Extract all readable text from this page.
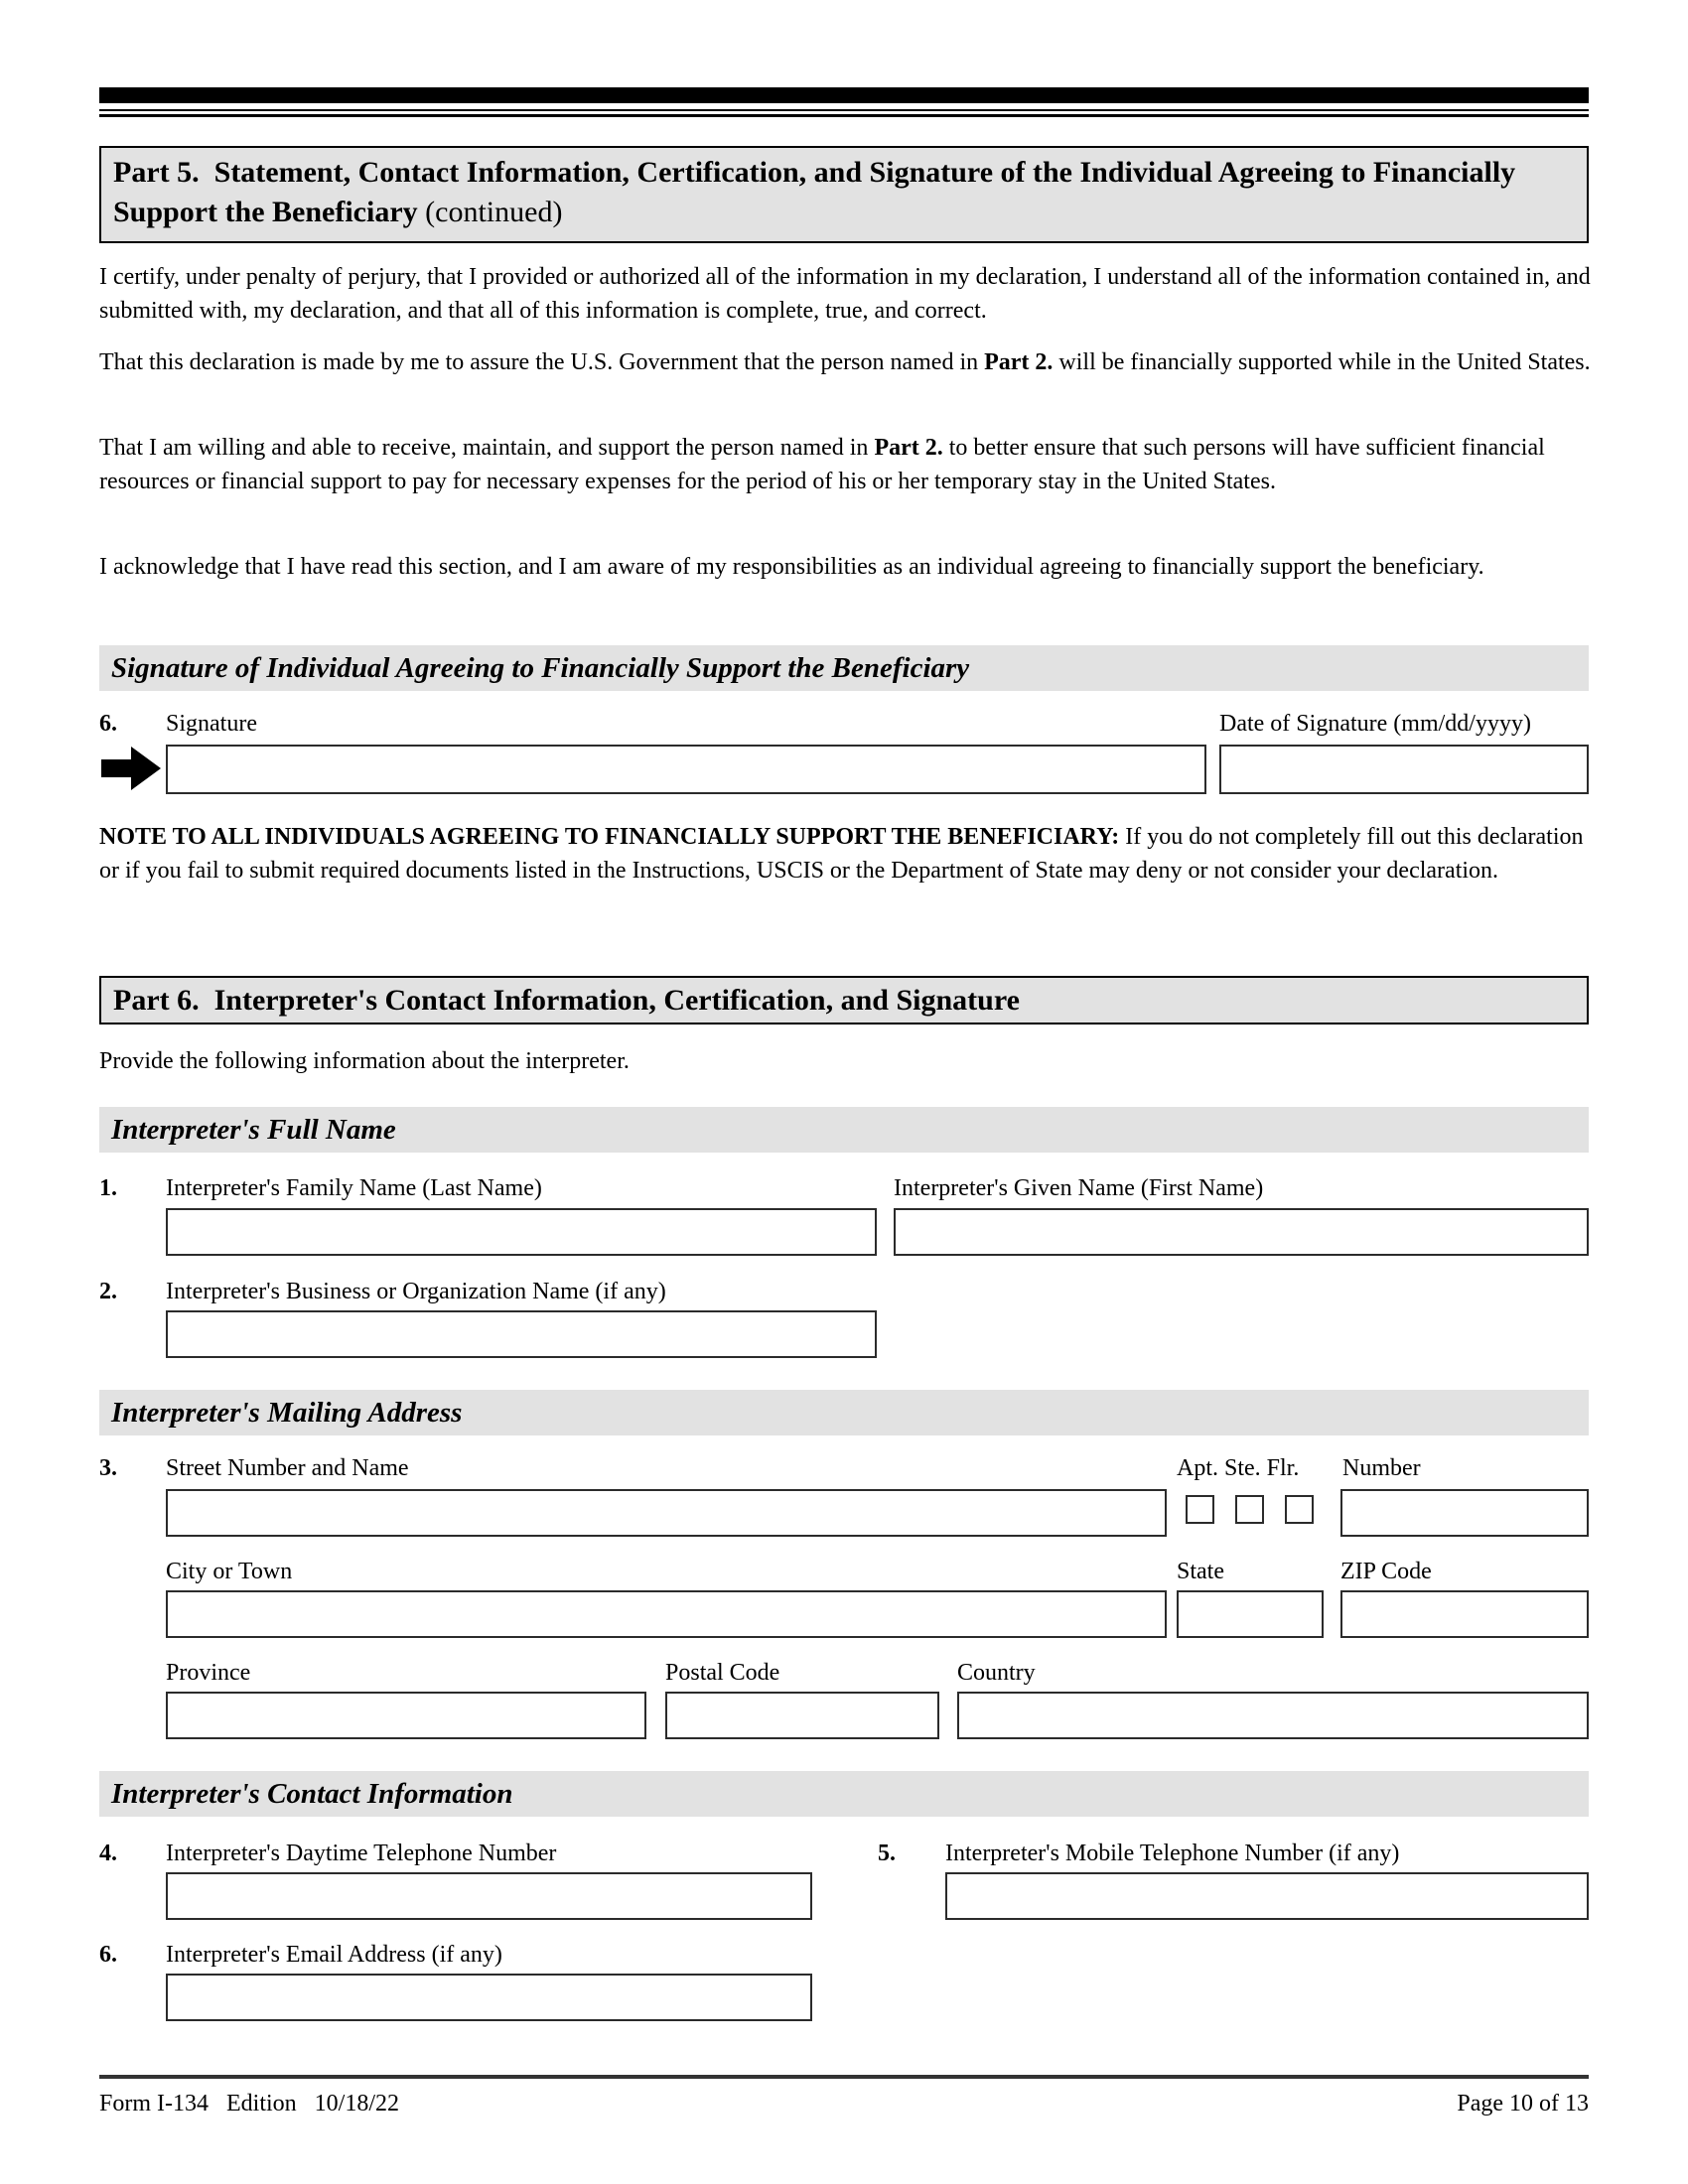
Part 5.  Statement, Contact Information, Certification, and Signature of the Individual Agreeing to Financially Support the Beneficiary (continued)

I certify, under penalty of perjury, that I provided or authorized all of the information in my declaration, I understand all of the information contained in, and submitted with, my declaration, and that all of this information is complete, true, and correct.

That this declaration is made by me to assure the U.S. Government that the person named in Part 2. will be financially supported while in the United States.

That I am willing and able to receive, maintain, and support the person named in Part 2. to better ensure that such persons will have sufficient financial resources or financial support to pay for necessary expenses for the period of his or her temporary stay in the United States.

I acknowledge that I have read this section, and I am aware of my responsibilities as an individual agreeing to financially support the beneficiary.

Signature of Individual Agreeing to Financially Support the Beneficiary
6. Signature	Date of Signature (mm/dd/yyyy)

NOTE TO ALL INDIVIDUALS AGREEING TO FINANCIALLY SUPPORT THE BENEFICIARY: If you do not completely fill out this declaration or if you fail to submit required documents listed in the Instructions, USCIS or the Department of State may deny or not consider your declaration.

Part 6.  Interpreter's Contact Information, Certification, and Signature

Provide the following information about the interpreter.

Interpreter's Full Name
1. Interpreter's Family Name (Last Name)	Interpreter's Given Name (First Name)
2. Interpreter's Business or Organization Name (if any)
Interpreter's Mailing Address
3. Street Number and Name	Apt. Ste. Flr. Number
City or Town	State	ZIP Code
Province	Postal Code	Country
Interpreter's Contact Information
4. Interpreter's Daytime Telephone Number	5. Interpreter's Mobile Telephone Number (if any)
6. Interpreter's Email Address (if any)
Form I-134   Edition   10/18/22	Page 10 of 13
